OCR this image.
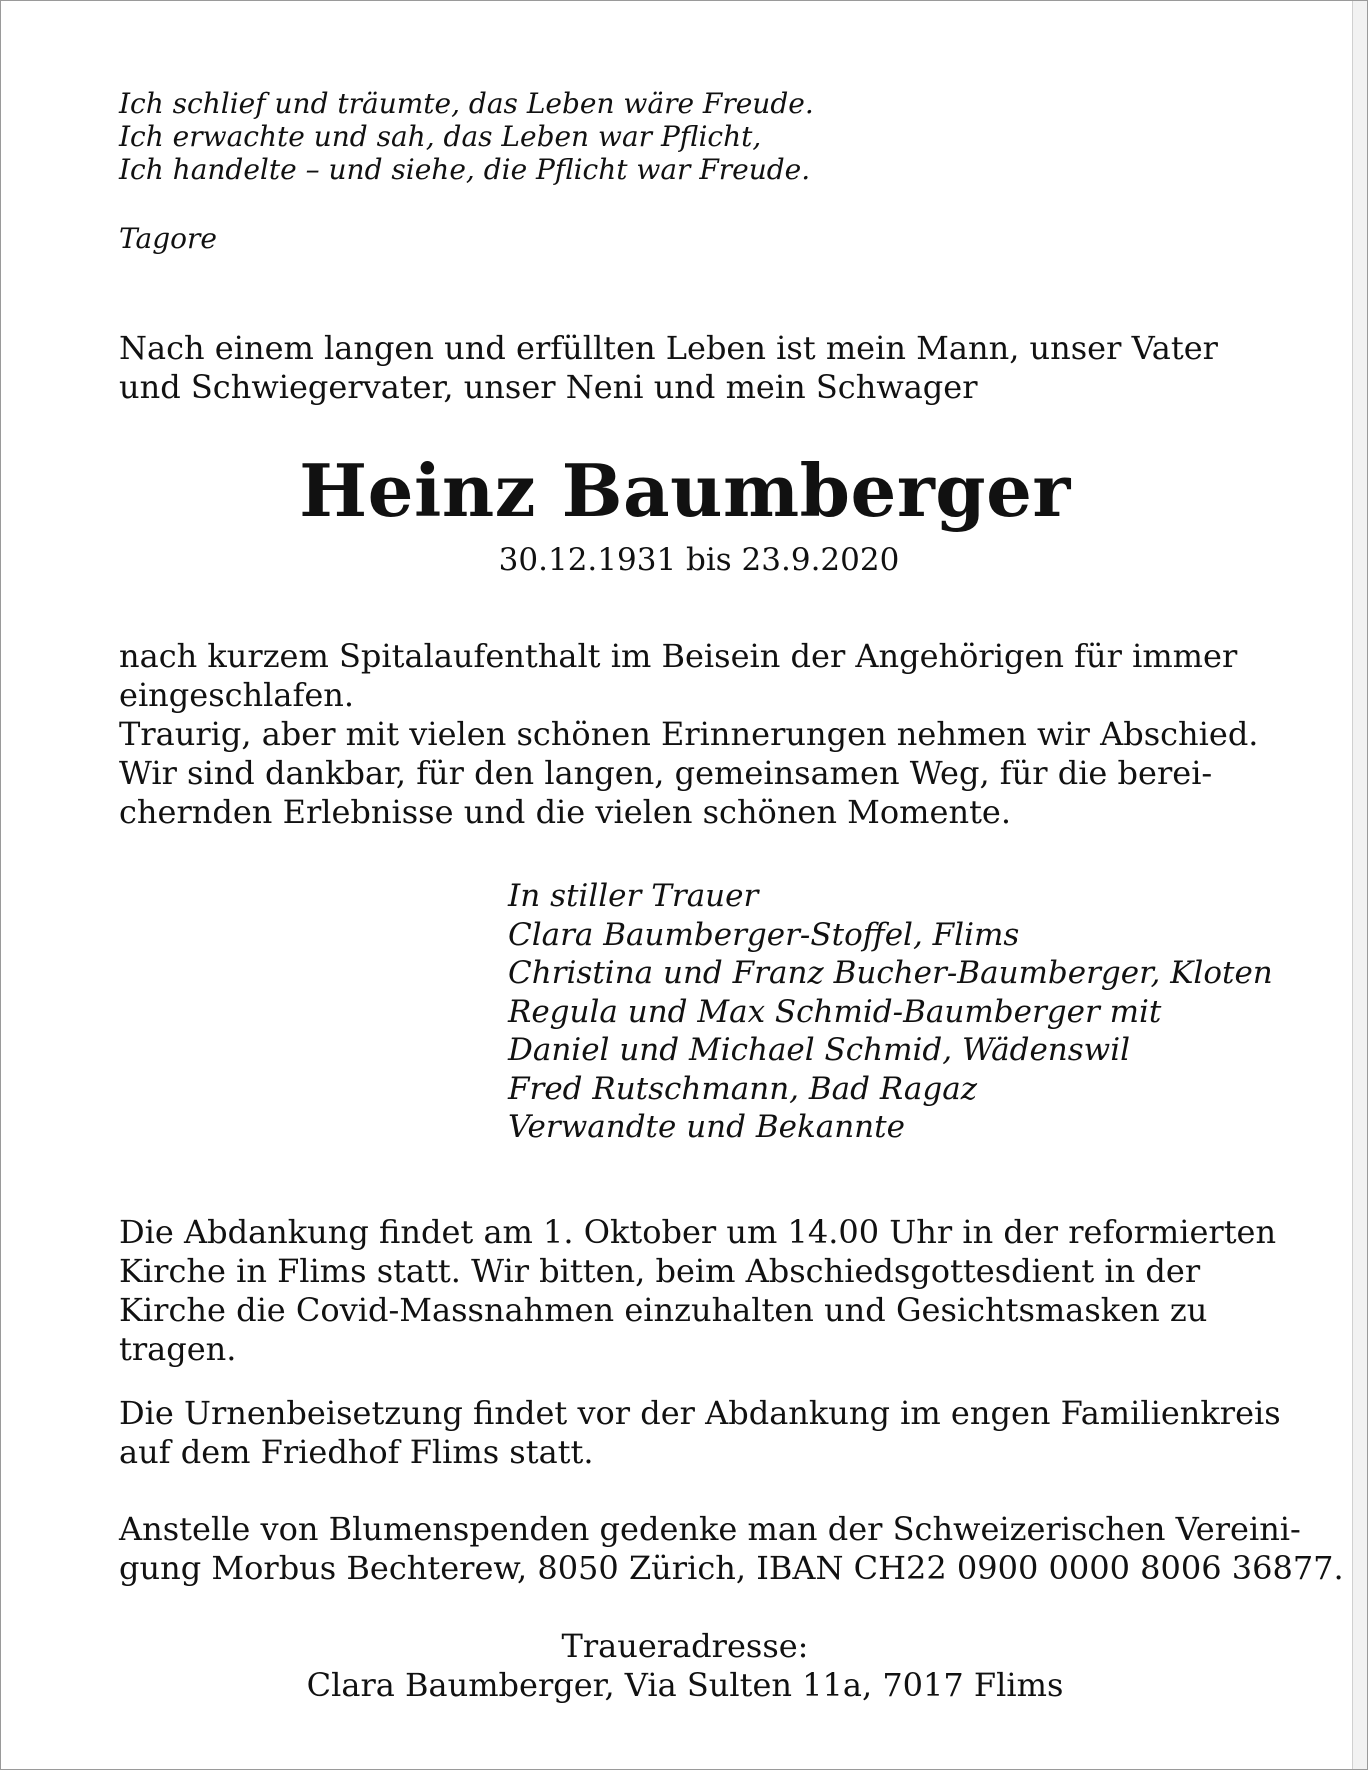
Ich schlief und träumte, das Leben wäre Freude.
Ich erwachte und sah, das Leben war Pflicht,
Ich handelte – und siehe, die Pflicht war Freude.
Tagore
Nach einem langen und erfüllten Leben ist mein Mann, unser Vater
und Schwiegervater, unser Neni und mein Schwager
Heinz Baumberger
30.12.1931 bis 23.9.2020
nach kurzem Spitalaufenthalt im Beisein der Angehörigen für immer
eingeschlafen.
Traurig, aber mit vielen schönen Erinnerungen nehmen wir Abschied.
Wir sind dankbar, für den langen, gemeinsamen Weg, für die berei-
chernden Erlebnisse und die vielen schönen Momente.
In stiller Trauer
Clara Baumberger-Stoffel, Flims
Christina und Franz Bucher-Baumberger, Kloten
Regula und Max Schmid-Baumberger mit
Daniel und Michael Schmid, Wädenswil
Fred Rutschmann, Bad Ragaz
Verwandte und Bekannte
Die Abdankung findet am 1. Oktober um 14.00 Uhr in der reformierten
Kirche in Flims statt. Wir bitten, beim Abschiedsgottesdient in der
Kirche die Covid-Massnahmen einzuhalten und Gesichtsmasken zu
tragen.
Die Urnenbeisetzung findet vor der Abdankung im engen Familienkreis
auf dem Friedhof Flims statt.
Anstelle von Blumenspenden gedenke man der Schweizerischen Vereini-
gung Morbus Bechterew, 8050 Zürich, IBAN CH22 0900 0000 8006 36877.
Traueradresse:
Clara Baumberger, Via Sulten 11a, 7017 Flims
